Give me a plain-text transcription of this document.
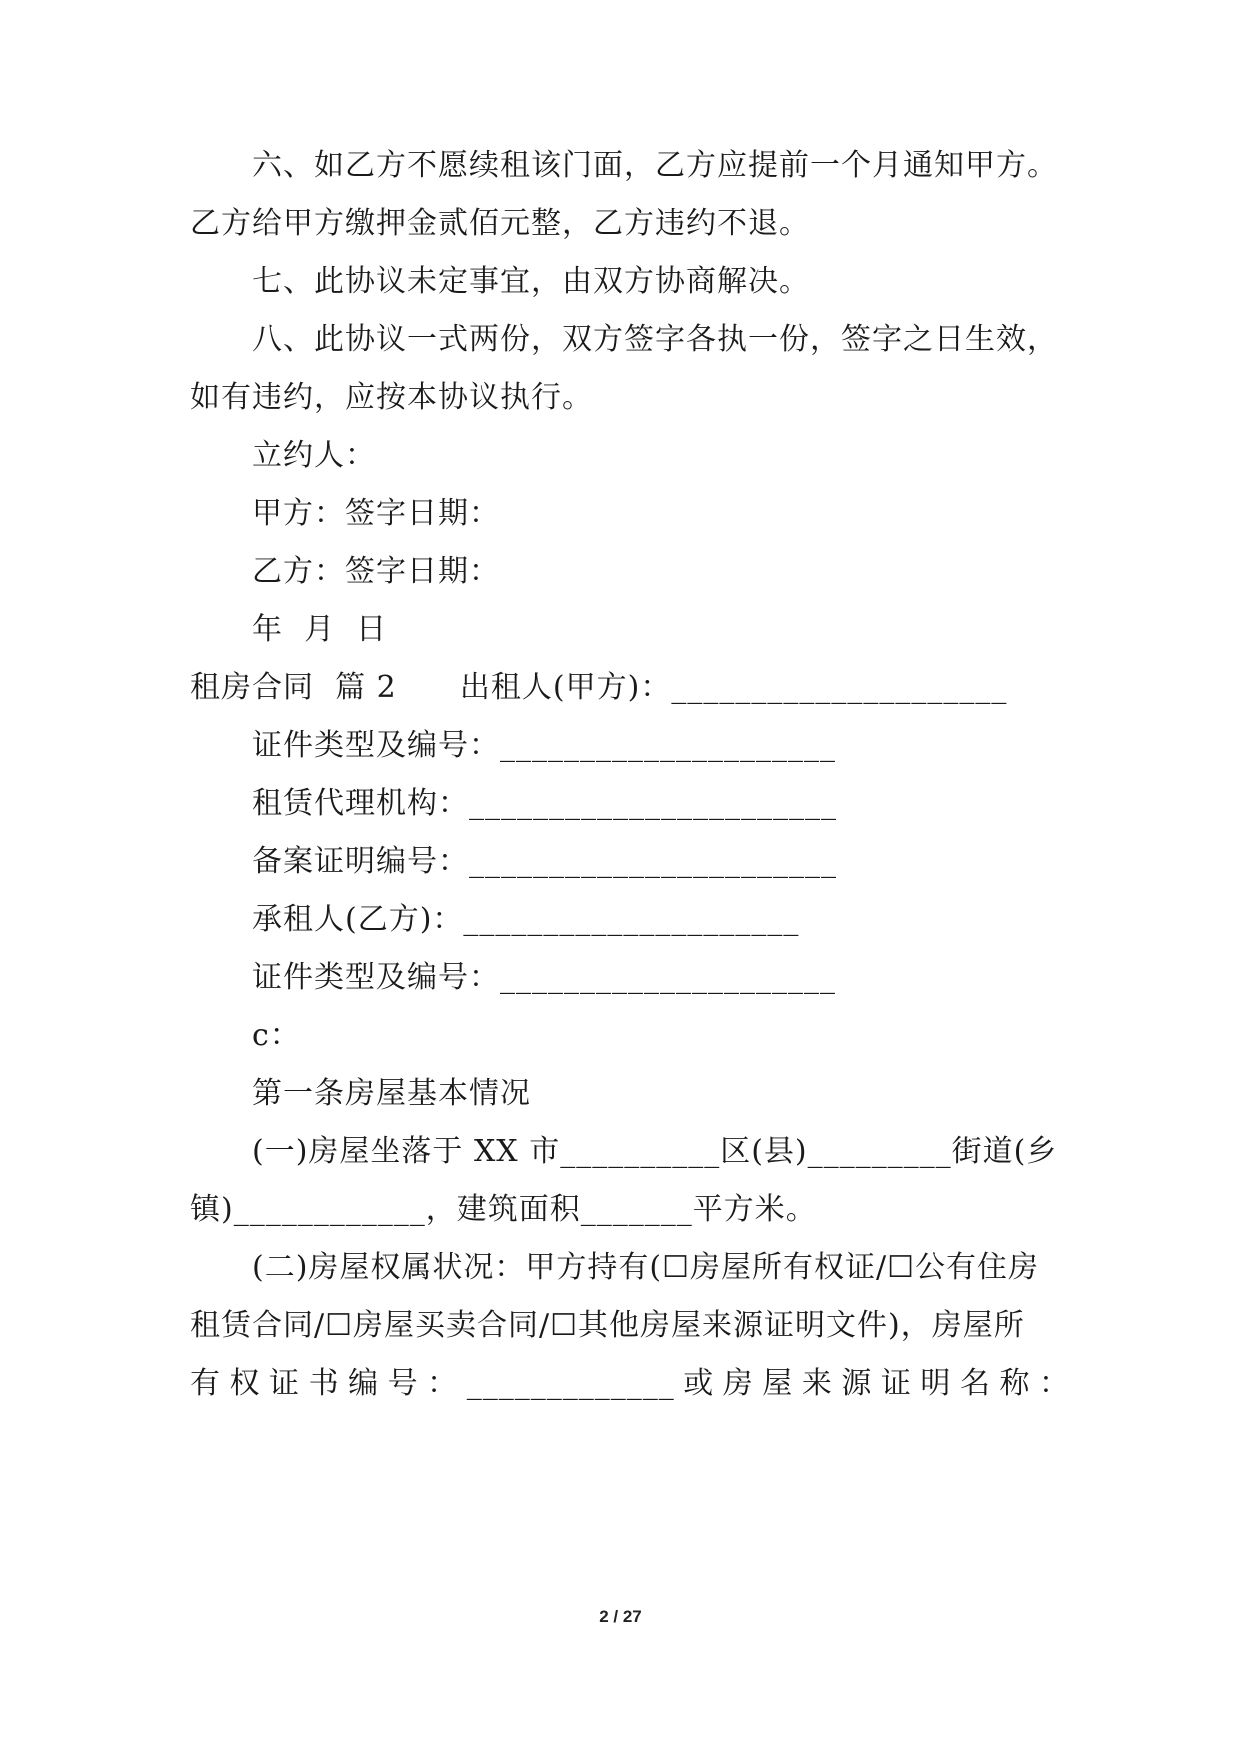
六、如乙方不愿续租该门面，乙方应提前一个月通知甲方。
乙方给甲方缴押金贰佰元整，乙方违约不退。
七、此协议未定事宜，由双方协商解决。
八、此协议一式两份，双方签字各执一份，签字之日生效，
如有违约，应按本协议执行。
立约人：
甲方：签字日期：
乙方：签字日期：
年  月  日
租房合同  篇 2      出租人(甲方)：_____________________
证件类型及编号：_____________________
租赁代理机构：_______________________
备案证明编号：_______________________
承租人(乙方)：_____________________
证件类型及编号：_____________________
c：
第一条房屋基本情况
(一)房屋坐落于 XX 市__________区(县)_________街道(乡
镇)____________，建筑面积_______平方米。
(二)房屋权属状况：甲方持有(☐房屋所有权证/☐公有住房
租赁合同/☐房屋买卖合同/☐其他房屋来源证明文件)，房屋所
有权证书编号：_____________或房屋来源证明名称：
2 / 27
